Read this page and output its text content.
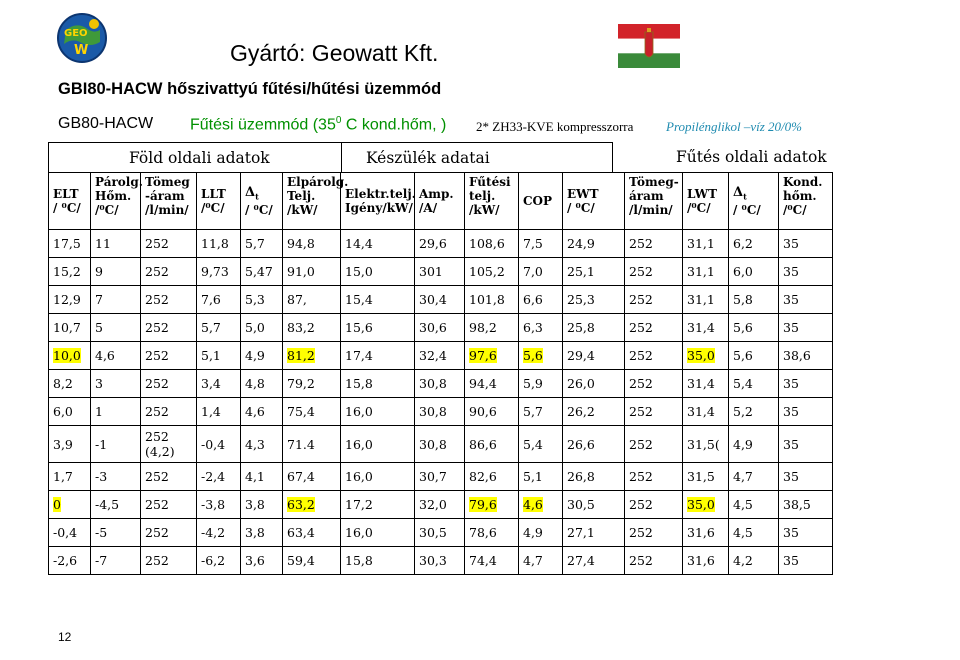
GEO
W	Gyártó: Geowatt Kft.
GBI80-HACW hőszivattyú fűtési/hűtési üzemmód
GB80-HACW Fűtési üzemmód ($35^0$ C kond.hőm, ) 2* ZH33-KVE kompresszorra	Propilénglikol –víz 20/0%
Föld oldali adatok	Készülék adatai	Fűtés oldali adatok
ELT
/ ⁰C/	Párolg.
Hőm.
/⁰C/	Tömeg
-áram
/l/min/	LLT
/⁰C/	$\Delta_t$
/ ⁰C/	Elpárolg.
Telj.
/kW/	Elektr.telj.
Igény/kW/	Amp.
/A/	Fűtési
telj.
/kW/	COP	EWT
/ ⁰C/	Tömeg-
áram
/l/min/	LWT
/⁰C/	$\Delta_t$
/ ⁰C/	Kond.
hőm.
/⁰C/
17,5	11	252	11,8	5,7	94,8	14,4	29,6	108,6	7,5	24,9	252	31,1	6,2	35
15,2	9	252	9,73	5,47	91,0	15,0	301	105,2	7,0	25,1	252	31,1	6,0	35
12,9	7	252	7,6	5,3	87,	15,4	30,4	101,8	6,6	25,3	252	31,1	5,8	35
10,7	5	252	5,7	5,0	83,2	15,6	30,6	98,2	6,3	25,8	252	31,4	5,6	35
10,0	4,6	252	5,1	4,9	81,2	17,4	32,4	97,6	5,6	29,4	252	35,0	5,6	38,6
8,2	3	252	3,4	4,8	79,2	15,8	30,8	94,4	5,9	26,0	252	31,4	5,4	35
6,0	1	252	1,4	4,6	75,4	16,0	30,8	90,6	5,7	26,2	252	31,4	5,2	35
3,9	-1	252 (4,2)	-0,4	4,3	71.4	16,0	30,8	86,6	5,4	26,6	252	31,5(	4,9	35
1,7	-3	252	-2,4	4,1	67,4	16,0	30,7	82,6	5,1	26,8	252	31,5	4,7	35
0	-4,5	252	-3,8	3,8	63,2	17,2	32,0	79,6	4,6	30,5	252	35,0	4,5	38,5
-0,4	-5	252	-4,2	3,8	63,4	16,0	30,5	78,6	4,9	27,1	252	31,6	4,5	35
-2,6	-7	252	-6,2	3,6	59,4	15,8	30,3	74,4	4,7	27,4	252	31,6	4,2	35
12
